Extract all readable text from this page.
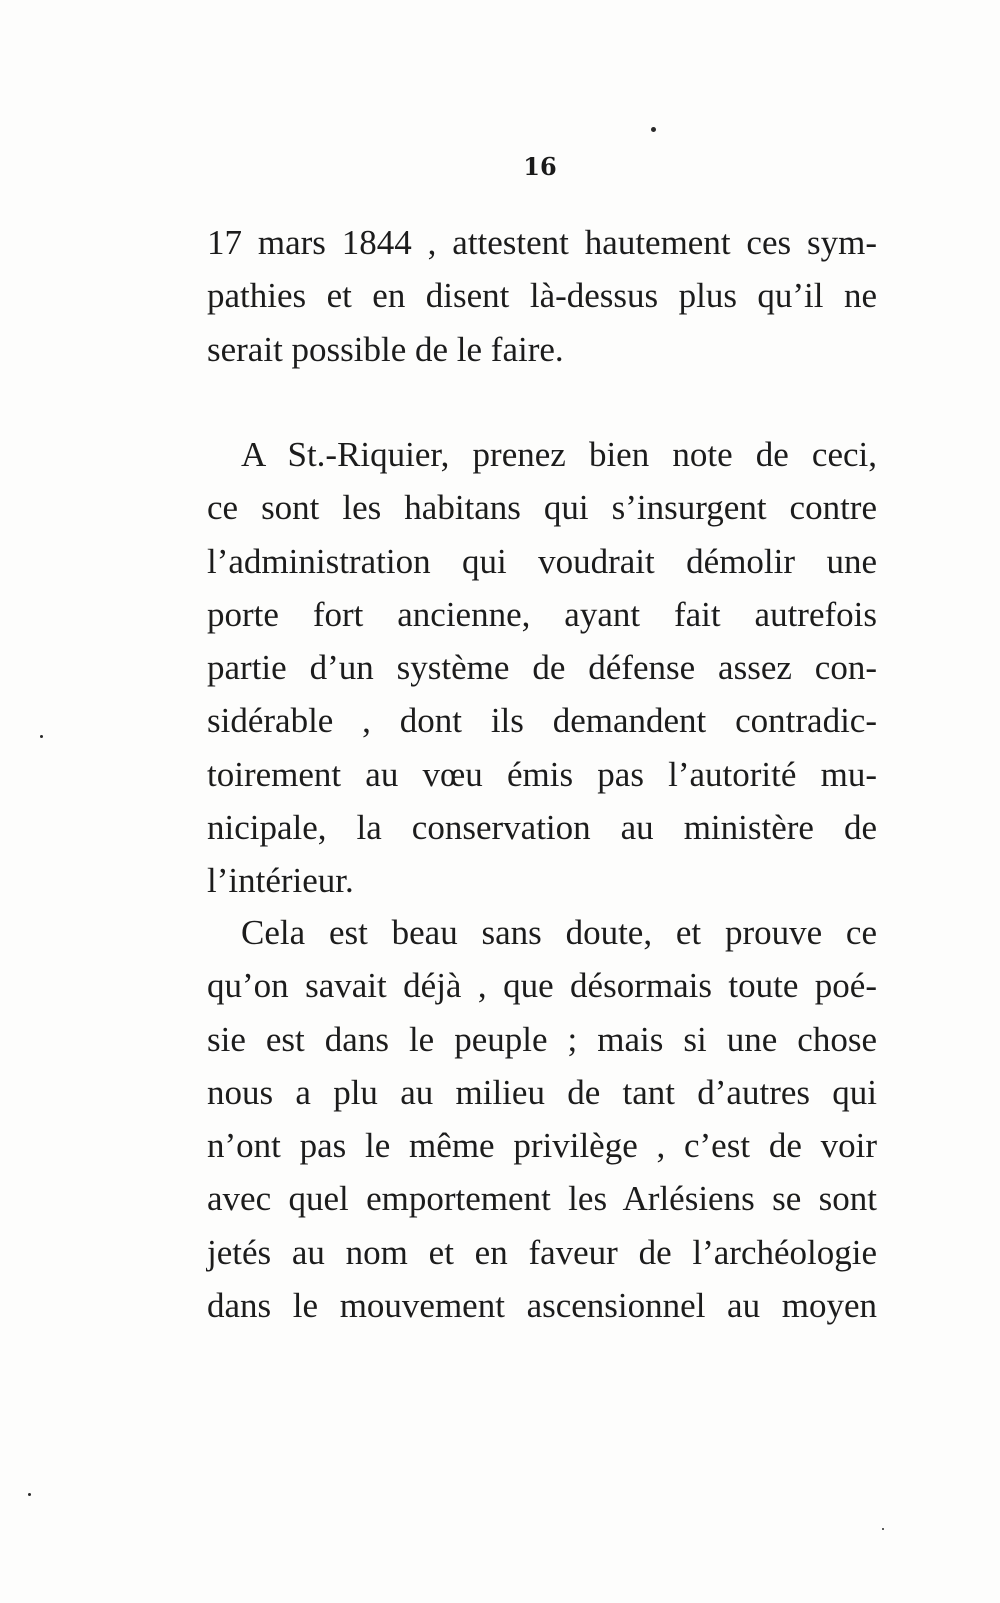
16
17 mars 1844 , attestent hautement ces sym-
pathies et en disent là-dessus plus qu’il ne
serait possible de le faire.
A St.-Riquier, prenez bien note de ceci,
ce sont les habitans qui s’insurgent contre
l’administration qui voudrait démolir une
porte fort ancienne, ayant fait autrefois
partie d’un système de défense assez con-
sidérable , dont ils demandent contradic-
toirement au vœu émis pas l’autorité mu-
nicipale, la conservation au ministère de
l’intérieur.
Cela est beau sans doute, et prouve ce
qu’on savait déjà , que désormais toute poé-
sie est dans le peuple ; mais si une chose
nous a plu au milieu de tant d’autres qui
n’ont pas le même privilège , c’est de voir
avec quel emportement les Arlésiens se sont
jetés au nom et en faveur de l’archéologie
dans le mouvement ascensionnel au moyen
